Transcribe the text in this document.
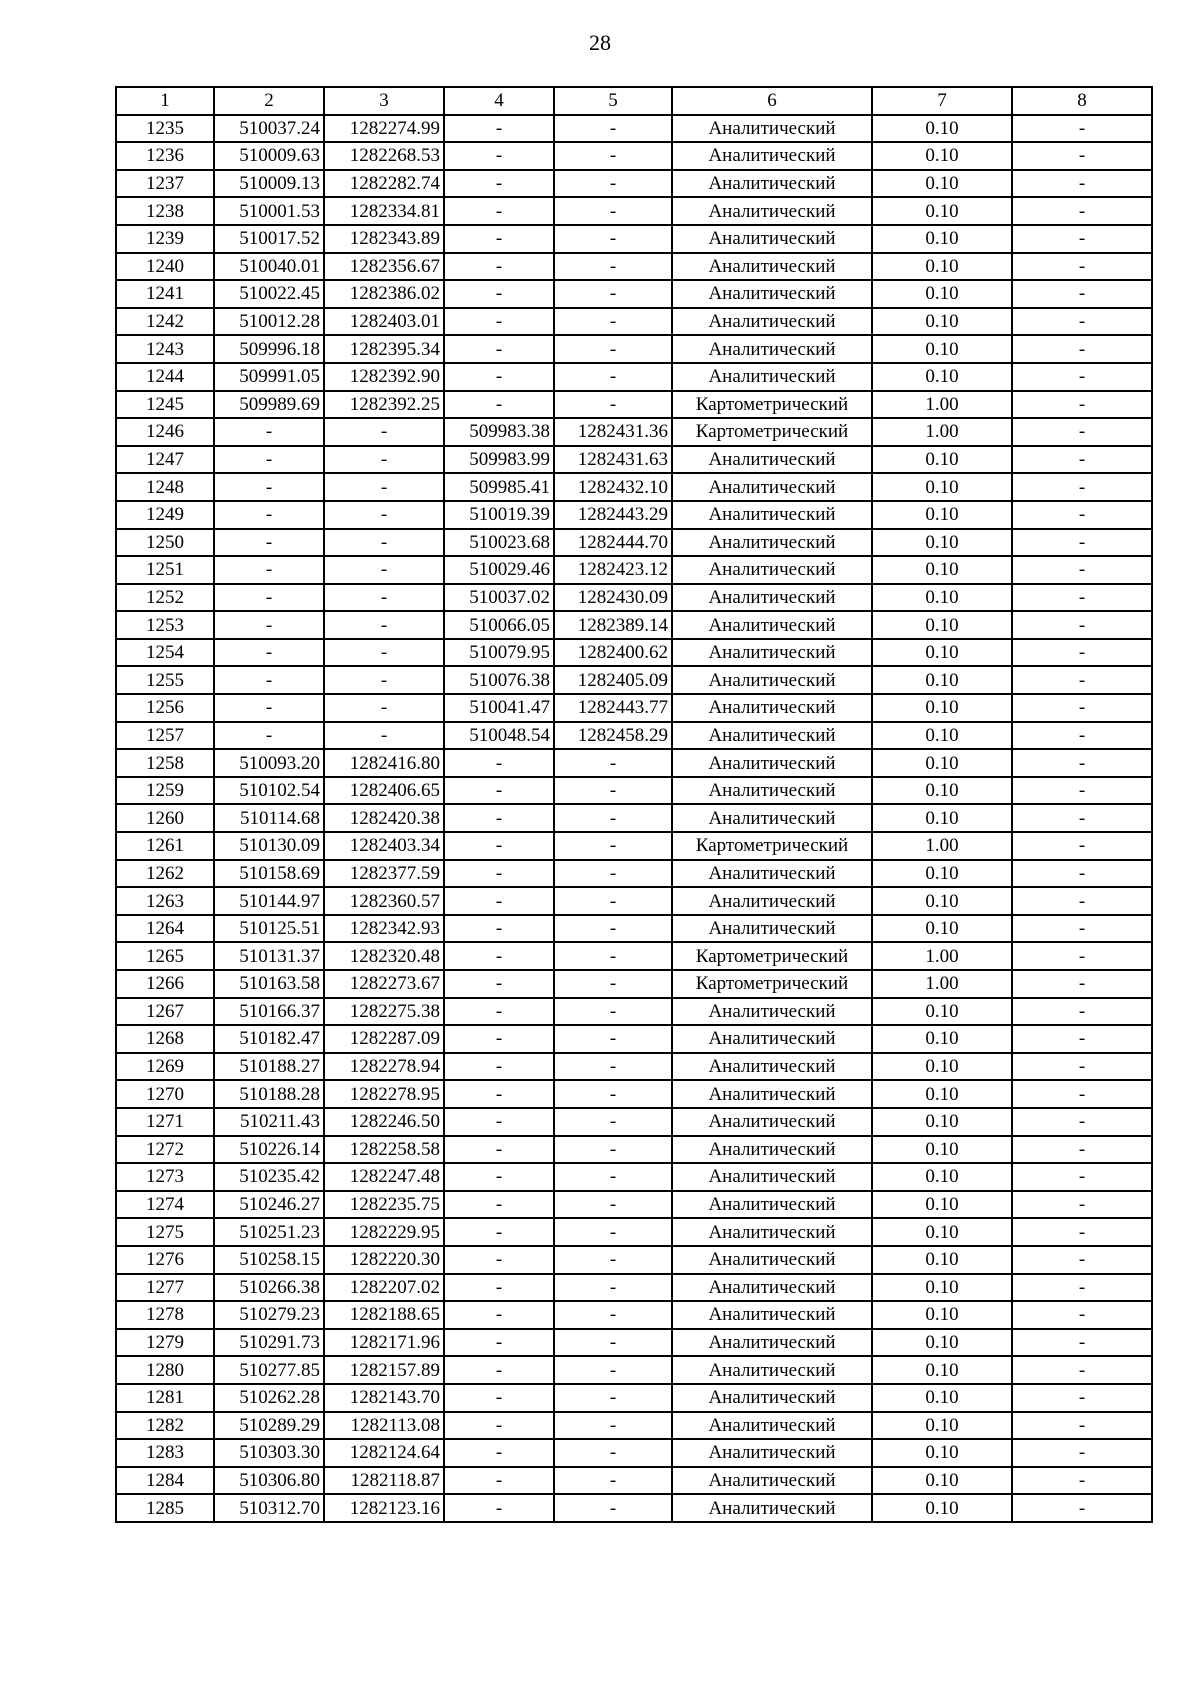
28
1	2	3	4	5	6	7	8
1235	510037.24	1282274.99	-	-	Аналитический	0.10	-
1236	510009.63	1282268.53	-	-	Аналитический	0.10	-
1237	510009.13	1282282.74	-	-	Аналитический	0.10	-
1238	510001.53	1282334.81	-	-	Аналитический	0.10	-
1239	510017.52	1282343.89	-	-	Аналитический	0.10	-
1240	510040.01	1282356.67	-	-	Аналитический	0.10	-
1241	510022.45	1282386.02	-	-	Аналитический	0.10	-
1242	510012.28	1282403.01	-	-	Аналитический	0.10	-
1243	509996.18	1282395.34	-	-	Аналитический	0.10	-
1244	509991.05	1282392.90	-	-	Аналитический	0.10	-
1245	509989.69	1282392.25	-	-	Картометрический	1.00	-
1246	-	-	509983.38	1282431.36	Картометрический	1.00	-
1247	-	-	509983.99	1282431.63	Аналитический	0.10	-
1248	-	-	509985.41	1282432.10	Аналитический	0.10	-
1249	-	-	510019.39	1282443.29	Аналитический	0.10	-
1250	-	-	510023.68	1282444.70	Аналитический	0.10	-
1251	-	-	510029.46	1282423.12	Аналитический	0.10	-
1252	-	-	510037.02	1282430.09	Аналитический	0.10	-
1253	-	-	510066.05	1282389.14	Аналитический	0.10	-
1254	-	-	510079.95	1282400.62	Аналитический	0.10	-
1255	-	-	510076.38	1282405.09	Аналитический	0.10	-
1256	-	-	510041.47	1282443.77	Аналитический	0.10	-
1257	-	-	510048.54	1282458.29	Аналитический	0.10	-
1258	510093.20	1282416.80	-	-	Аналитический	0.10	-
1259	510102.54	1282406.65	-	-	Аналитический	0.10	-
1260	510114.68	1282420.38	-	-	Аналитический	0.10	-
1261	510130.09	1282403.34	-	-	Картометрический	1.00	-
1262	510158.69	1282377.59	-	-	Аналитический	0.10	-
1263	510144.97	1282360.57	-	-	Аналитический	0.10	-
1264	510125.51	1282342.93	-	-	Аналитический	0.10	-
1265	510131.37	1282320.48	-	-	Картометрический	1.00	-
1266	510163.58	1282273.67	-	-	Картометрический	1.00	-
1267	510166.37	1282275.38	-	-	Аналитический	0.10	-
1268	510182.47	1282287.09	-	-	Аналитический	0.10	-
1269	510188.27	1282278.94	-	-	Аналитический	0.10	-
1270	510188.28	1282278.95	-	-	Аналитический	0.10	-
1271	510211.43	1282246.50	-	-	Аналитический	0.10	-
1272	510226.14	1282258.58	-	-	Аналитический	0.10	-
1273	510235.42	1282247.48	-	-	Аналитический	0.10	-
1274	510246.27	1282235.75	-	-	Аналитический	0.10	-
1275	510251.23	1282229.95	-	-	Аналитический	0.10	-
1276	510258.15	1282220.30	-	-	Аналитический	0.10	-
1277	510266.38	1282207.02	-	-	Аналитический	0.10	-
1278	510279.23	1282188.65	-	-	Аналитический	0.10	-
1279	510291.73	1282171.96	-	-	Аналитический	0.10	-
1280	510277.85	1282157.89	-	-	Аналитический	0.10	-
1281	510262.28	1282143.70	-	-	Аналитический	0.10	-
1282	510289.29	1282113.08	-	-	Аналитический	0.10	-
1283	510303.30	1282124.64	-	-	Аналитический	0.10	-
1284	510306.80	1282118.87	-	-	Аналитический	0.10	-
1285	510312.70	1282123.16	-	-	Аналитический	0.10	-
